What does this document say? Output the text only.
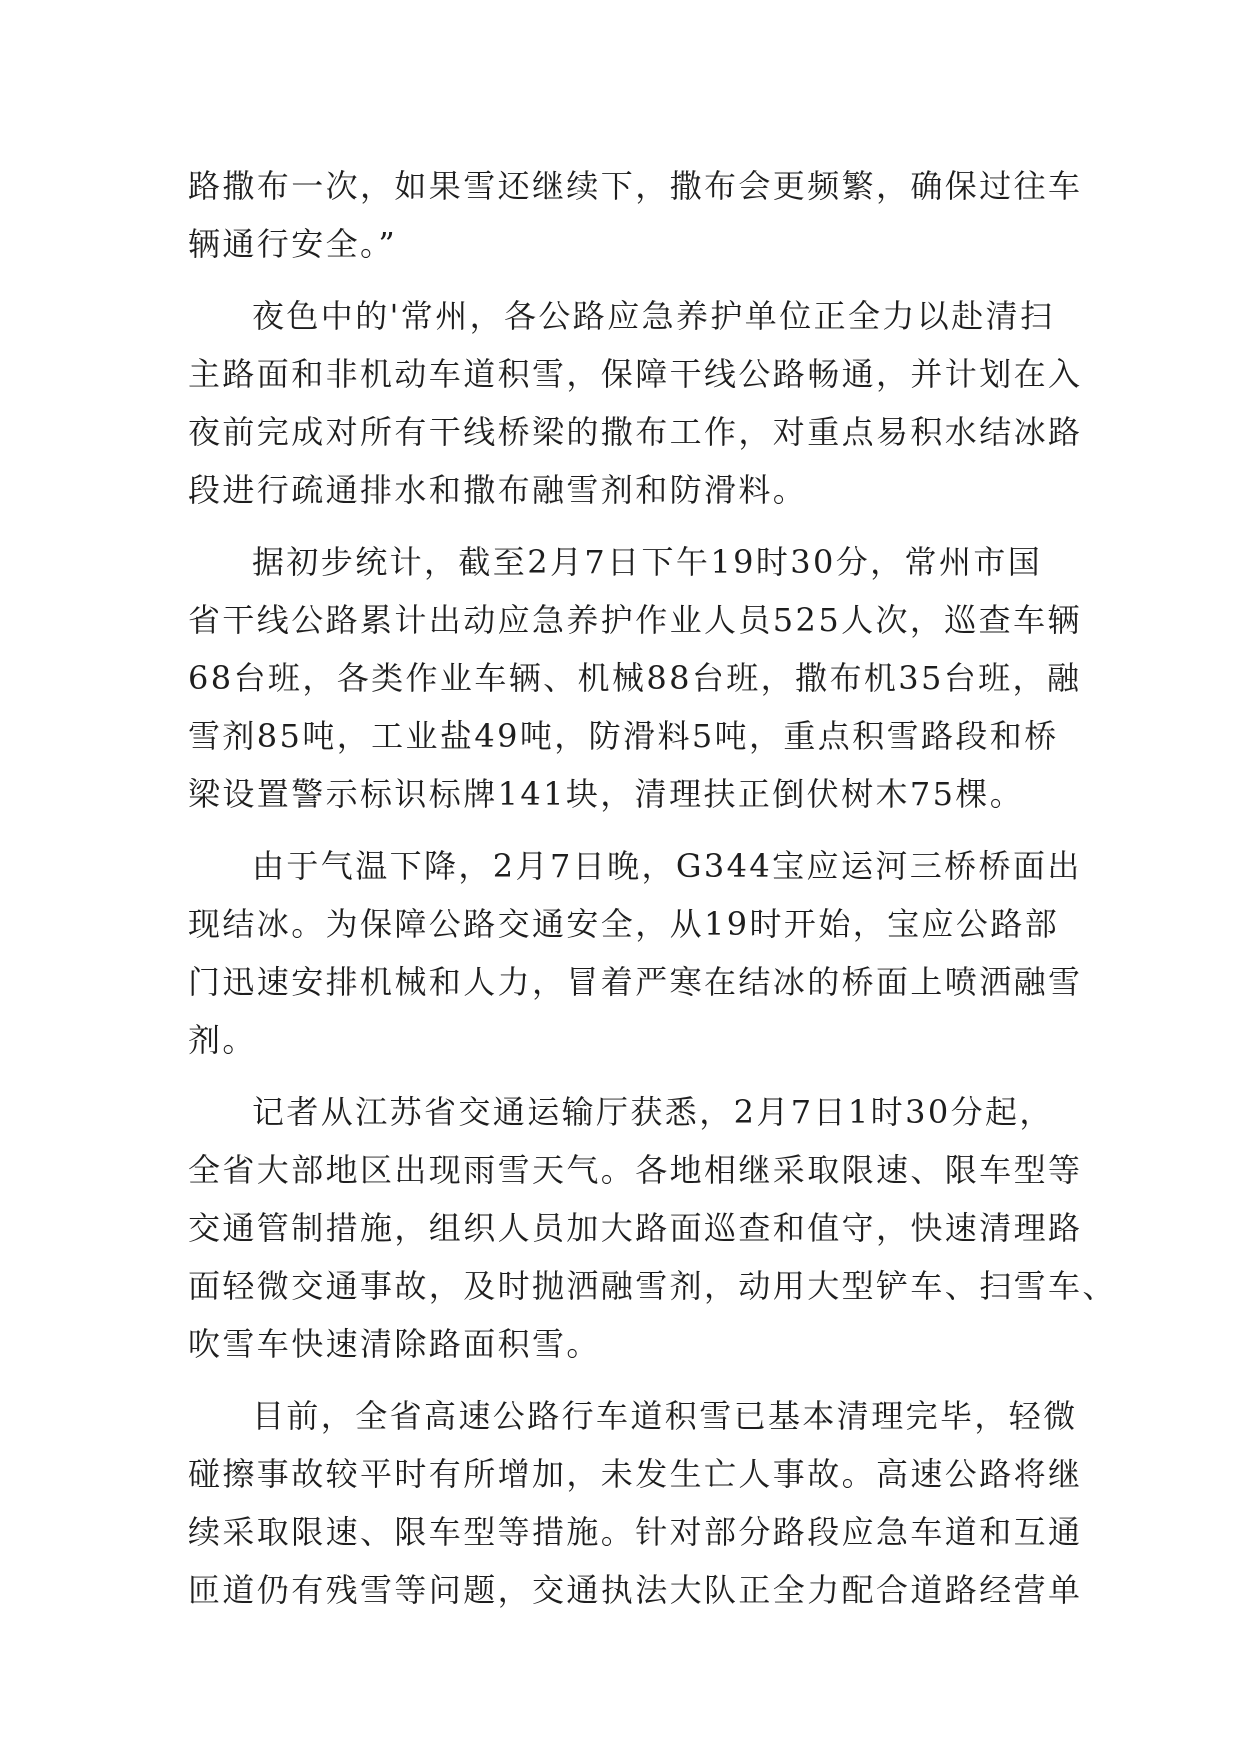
路撒布一次，如果雪还继续下，撒布会更频繁，确保过往车
辆通行安全。”
夜色中的'常州，各公路应急养护单位正全力以赴清扫
主路面和非机动车道积雪，保障干线公路畅通，并计划在入
夜前完成对所有干线桥梁的撒布工作，对重点易积水结冰路
段进行疏通排水和撒布融雪剂和防滑料。
据初步统计，截至2月7日下午19时30分，常州市国
省干线公路累计出动应急养护作业人员525人次，巡查车辆
68台班，各类作业车辆、机械88台班，撒布机35台班，融
雪剂85吨，工业盐49吨，防滑料5吨，重点积雪路段和桥
梁设置警示标识标牌141块，清理扶正倒伏树木75棵。
由于气温下降，2月7日晚，G344宝应运河三桥桥面出
现结冰。为保障公路交通安全，从19时开始，宝应公路部
门迅速安排机械和人力，冒着严寒在结冰的桥面上喷洒融雪
剂。
记者从江苏省交通运输厅获悉，2月7日1时30分起，
全省大部地区出现雨雪天气。各地相继采取限速、限车型等
交通管制措施，组织人员加大路面巡查和值守，快速清理路
面轻微交通事故，及时抛洒融雪剂，动用大型铲车、扫雪车、
吹雪车快速清除路面积雪。
目前，全省高速公路行车道积雪已基本清理完毕，轻微
碰擦事故较平时有所增加，未发生亡人事故。高速公路将继
续采取限速、限车型等措施。针对部分路段应急车道和互通
匝道仍有残雪等问题，交通执法大队正全力配合道路经营单
